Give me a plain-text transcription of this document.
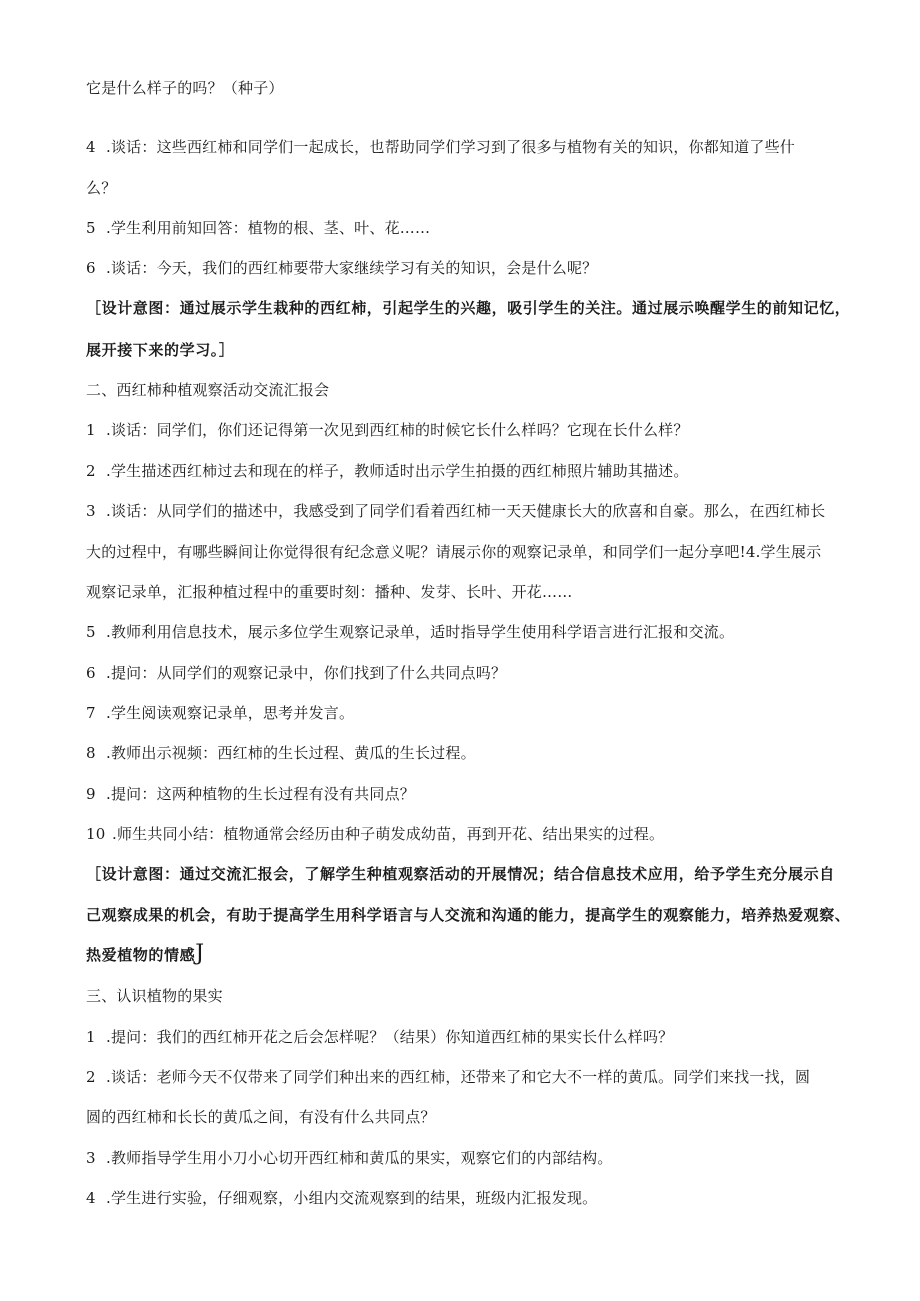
它是什么样子的吗？（种子）
4 .谈话：这些西红柿和同学们一起成长，也帮助同学们学习到了很多与植物有关的知识，你都知道了些什
么？
5 .学生利用前知回答：植物的根、茎、叶、花……
6 .谈话：今天，我们的西红柿要带大家继续学习有关的知识，会是什么呢？
［设计意图：通过展示学生栽种的西红柿，引起学生的兴趣，吸引学生的关注。通过展示唤醒学生的前知记忆，
展开接下来的学习。］
二、西红柿种植观察活动交流汇报会
1 .谈话：同学们，你们还记得第一次见到西红柿的时候它长什么样吗？它现在长什么样？
2 .学生描述西红柿过去和现在的样子，教师适时出示学生拍摄的西红柿照片辅助其描述。
3 .谈话：从同学们的描述中，我感受到了同学们看着西红柿一天天健康长大的欣喜和自豪。那么，在西红柿长
大的过程中，有哪些瞬间让你觉得很有纪念意义呢？请展示你的观察记录单，和同学们一起分享吧!4.学生展示
观察记录单，汇报种植过程中的重要时刻：播种、发芽、长叶、开花……
5 .教师利用信息技术，展示多位学生观察记录单，适时指导学生使用科学语言进行汇报和交流。
6 .提问：从同学们的观察记录中，你们找到了什么共同点吗？
7 .学生阅读观察记录单，思考并发言。
8 .教师出示视频：西红柿的生长过程、黄瓜的生长过程。
9 .提问：这两种植物的生长过程有没有共同点？
10 .师生共同小结：植物通常会经历由种子萌发成幼苗，再到开花、结出果实的过程。
［设计意图：通过交流汇报会，了解学生种植观察活动的开展情况；结合信息技术应用，给予学生充分展示自
己观察成果的机会，有助于提高学生用科学语言与人交流和沟通的能力，提高学生的观察能力，培养热爱观察、
热爱植物的情感J
三、认识植物的果实
1 .提问：我们的西红柿开花之后会怎样呢？（结果）你知道西红柿的果实长什么样吗？
2 .谈话：老师今天不仅带来了同学们种出来的西红柿，还带来了和它大不一样的黄瓜。同学们来找一找，圆
圆的西红柿和长长的黄瓜之间，有没有什么共同点？
3 .教师指导学生用小刀小心切开西红柿和黄瓜的果实，观察它们的内部结构。
4 .学生进行实验，仔细观察，小组内交流观察到的结果，班级内汇报发现。
